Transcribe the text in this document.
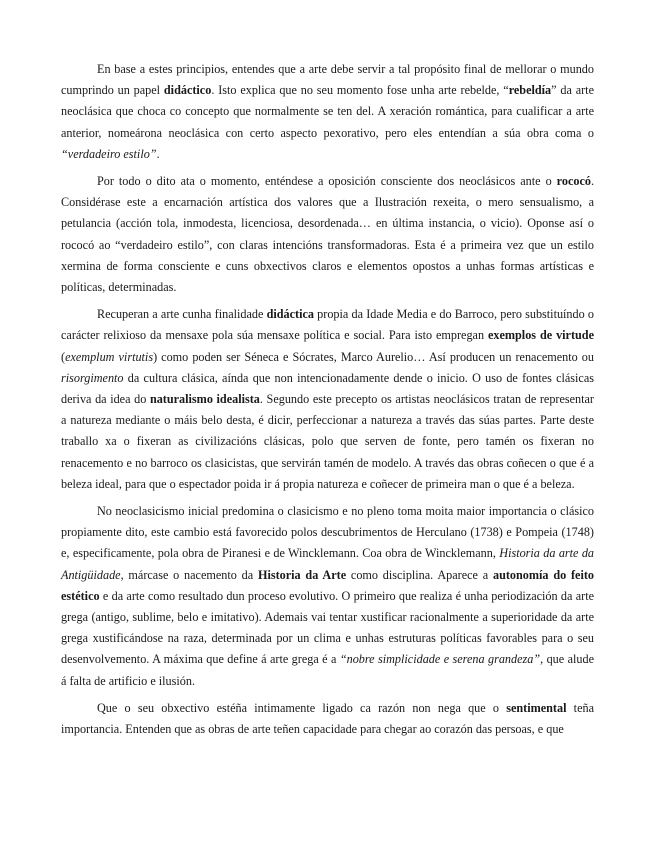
En base a estes principios, entendes que a arte debe servir a tal propósito final de mellorar o mundo cumprindo un papel didáctico. Isto explica que no seu momento fose unha arte rebelde, “rebeldía” da arte neoclásica que choca co concepto que normalmente se ten del. A xeración romántica, para cualificar a arte anterior, nomeárona neoclásica con certo aspecto pexorativo, pero eles entendían a súa obra coma o “verdadeiro estilo”.

Por todo o dito ata o momento, enténdese a oposición consciente dos neoclásicos ante o rococó. Considérase este a encarnación artística dos valores que a Ilustración rexeita, o mero sensualismo, a petulancia (acción tola, inmodesta, licenciosa, desordenada… en última instancia, o vicio). Oponse así o rococó ao “verdadeiro estilo”, con claras intencións transformadoras. Esta é a primeira vez que un estilo xermina de forma consciente e cuns obxectivos claros e elementos opostos a unhas formas artísticas e políticas, determinadas.

Recuperan a arte cunha finalidade didáctica propia da Idade Media e do Barroco, pero substituíndo o carácter relixioso da mensaxe pola súa mensaxe política e social. Para isto empregan exemplos de virtude (exemplum virtutis) como poden ser Séneca e Sócrates, Marco Aurelio… Así producen un renacemento ou risorgimento da cultura clásica, aínda que non intencionadamente dende o inicio. O uso de fontes clásicas deriva da idea do naturalismo idealista. Segundo este precepto os artistas neoclásicos tratan de representar a natureza mediante o máis belo desta, é dicir, perfeccionar a natureza a través das súas partes. Parte deste traballo xa o fixeran as civilizacións clásicas, polo que serven de fonte, pero tamén os fixeran no renacemento e no barroco os clasicistas, que servirán tamén de modelo. A través das obras coñecen o que é a beleza ideal, para que o espectador poida ir á propia natureza e coñecer de primeira man o que é a beleza.

No neoclasicismo inicial predomina o clasicismo e no pleno toma moita maior importancia o clásico propiamente dito, este cambio está favorecido polos descubrimentos de Herculano (1738) e Pompeia (1748) e, especificamente, pola obra de Piranesi e de Wincklemann. Coa obra de Wincklemann, Historia da arte da Antigüidade, márcase o nacemento da Historia da Arte como disciplina. Aparece a autonomía do feito estético e da arte como resultado dun proceso evolutivo. O primeiro que realiza é unha periodización da arte grega (antigo, sublime, belo e imitativo). Ademais vai tentar xustificar racionalmente a superioridade da arte grega xustificándose na raza, determinada por un clima e unhas estruturas políticas favorables para o seu desenvolvemento. A máxima que define á arte grega é a “nobre simplicidade e serena grandeza”, que alude á falta de artificio e ilusión.

Que o seu obxectivo estéña intimamente ligado ca razón non nega que o sentimental teña importancia. Entenden que as obras de arte teñen capacidade para chegar ao corazón das persoas, e que
